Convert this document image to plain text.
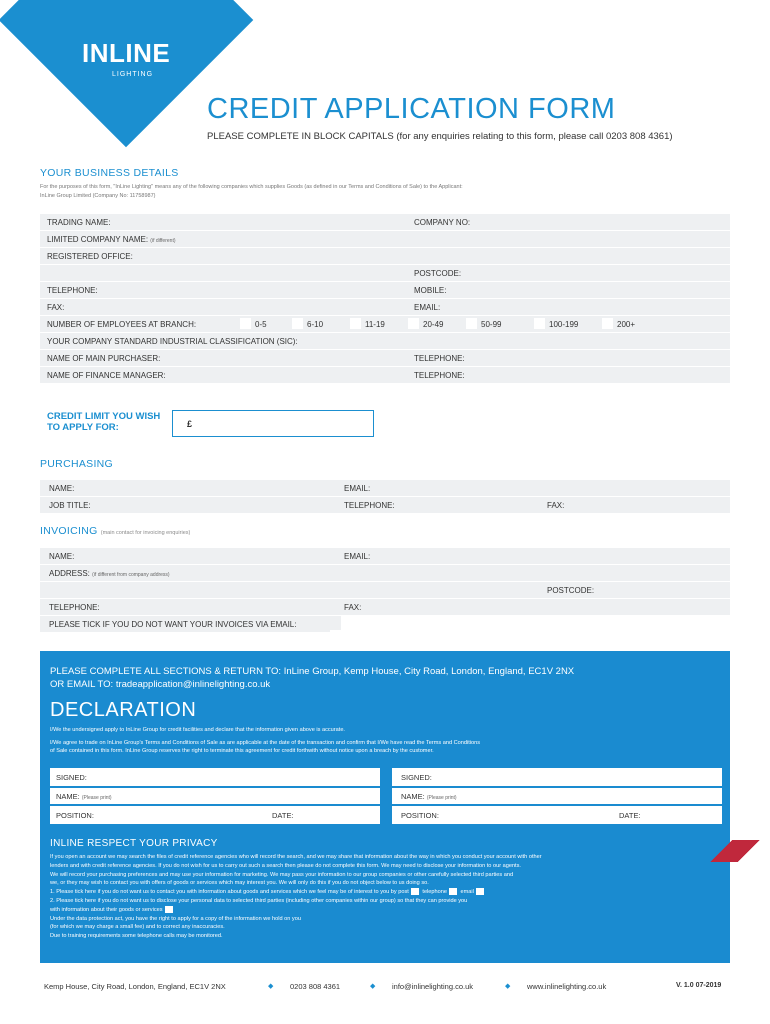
INLINE
LIGHTING
CREDIT APPLICATION FORM
PLEASE COMPLETE IN BLOCK CAPITALS (for any enquiries relating to this form, please call 0203 808 4361)
YOUR BUSINESS DETAILS
For the purposes of this form, "InLine Lighting" means any of the following companies which supplies Goods (as defined in our Terms and Conditions of Sale) to the Applicant:
InLine Group Limited (Company No: 11758987)
TRADING NAME:	COMPANY NO:
LIMITED COMPANY NAME: (if different)
REGISTERED OFFICE:
POSTCODE:
TELEPHONE:	MOBILE:
FAX:	EMAIL:
NUMBER OF EMPLOYEES AT BRANCH:	0-5	6-10	11-19	20-49	50-99	100-199	200+
YOUR COMPANY STANDARD INDUSTRIAL CLASSIFICATION (SIC):
NAME OF MAIN PURCHASER:	TELEPHONE:
NAME OF FINANCE MANAGER:	TELEPHONE:
CREDIT LIMIT YOU WISH TO APPLY FOR:	£
PURCHASING
NAME:	EMAIL:
JOB TITLE:	TELEPHONE:	FAX:
INVOICING (main contact for invoicing enquiries)
NAME:	EMAIL:
ADDRESS: (if different from company address)
POSTCODE:
TELEPHONE:	FAX:
PLEASE TICK IF YOU DO NOT WANT YOUR INVOICES VIA EMAIL:
PLEASE COMPLETE ALL SECTIONS & RETURN TO: InLine Group, Kemp House, City Road, London, England, EC1V 2NX
OR EMAIL TO: tradeapplication@inlinelighting.co.uk
DECLARATION
I/We the undersigned apply to InLine Group for credit facilities and declare that the information given above is accurate.
I/We agree to trade on InLine Group's Terms and Conditions of Sale as are applicable at the date of the transaction and confirm that I/We have read the Terms and Conditions
of Sale contained in this form. InLine Group reserves the right to terminate this agreement for credit forthwith without notice upon a breach by the customer.
SIGNED:
NAME: (Please print)
POSITION:	DATE:
SIGNED:
NAME: (Please print)
POSITION:	DATE:
INLINE RESPECT YOUR PRIVACY

If you open an account we may search the files of credit reference agencies who will record the search, and we may share that information about the way in which you conduct your account with other

lenders and with credit reference agencies. If you do not wish for us to carry out such a search then please do not complete this form. We may need to disclose your information to our agents.

We will record your purchasing preferences and may use your information for marketing. We may pass your information to our group companies or other carefully selected third parties and

we, or they may wish to contact you with offers of goods or services which may interest you. We will only do this if you do not object below to us doing so.

1. Please tick here if you do not want us to contact you with information about goods and services which we feel may be of interest to you by post telephone email

2. Please tick here if you do not want us to disclose your personal data to selected third parties (including other companies within our group) so that they can provide you

with information about their goods or services

Under the data protection act, you have the right to apply for a copy of the information we hold on you

(for which we may charge a small fee) and to correct any inaccuracies.

Due to training requirements some telephone calls may be monitored.

Kemp House, City Road, London, England, EC1V 2NX	◆ 0203 808 4361	◆ info@inlinelighting.co.uk	◆ www.inlinelighting.co.uk	V. 1.0 07-2019
